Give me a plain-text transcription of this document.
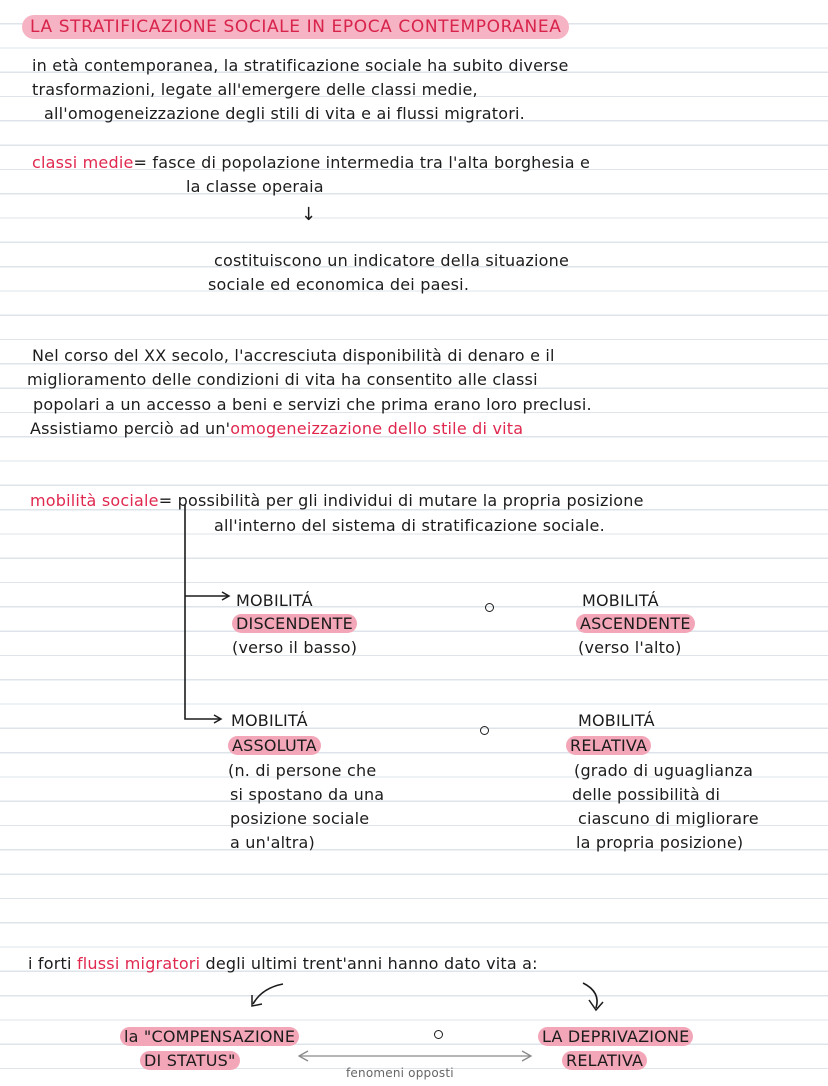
LA STRATIFICAZIONE SOCIALE IN EPOCA CONTEMPORANEA
in età contemporanea, la stratificazione sociale ha subito diverse
trasformazioni, legate all'emergere delle classi medie,
all'omogeneizzazione degli stili di vita e ai flussi migratori.
classi medie= fasce di popolazione intermedia tra l'alta borghesia e
la classe operaia
↓
costituiscono un indicatore della situazione
sociale ed economica dei paesi.
Nel corso del XX secolo, l'accresciuta disponibilità di denaro e il
miglioramento delle condizioni di vita ha consentito alle classi
popolari a un accesso a beni e servizi che prima erano loro preclusi.
Assistiamo perciò ad un'omogeneizzazione dello stile di vita
mobilità sociale= possibilità per gli individui di mutare la propria posizione
all'interno del sistema di stratificazione sociale.
MOBILITÁ
DISCENDENTE
(verso il basso)
MOBILITÁ
ASCENDENTE
(verso l'alto)
MOBILITÁ
ASSOLUTA
(n. di persone che
si spostano da una
posizione sociale
a un'altra)
MOBILITÁ
RELATIVA
(grado di uguaglianza
delle possibilità di
ciascuno di migliorare
la propria posizione)
i forti flussi migratori degli ultimi trent'anni hanno dato vita a:
la "COMPENSAZIONE
DI STATUS"
fenomeni opposti
LA DEPRIVAZIONE
RELATIVA
